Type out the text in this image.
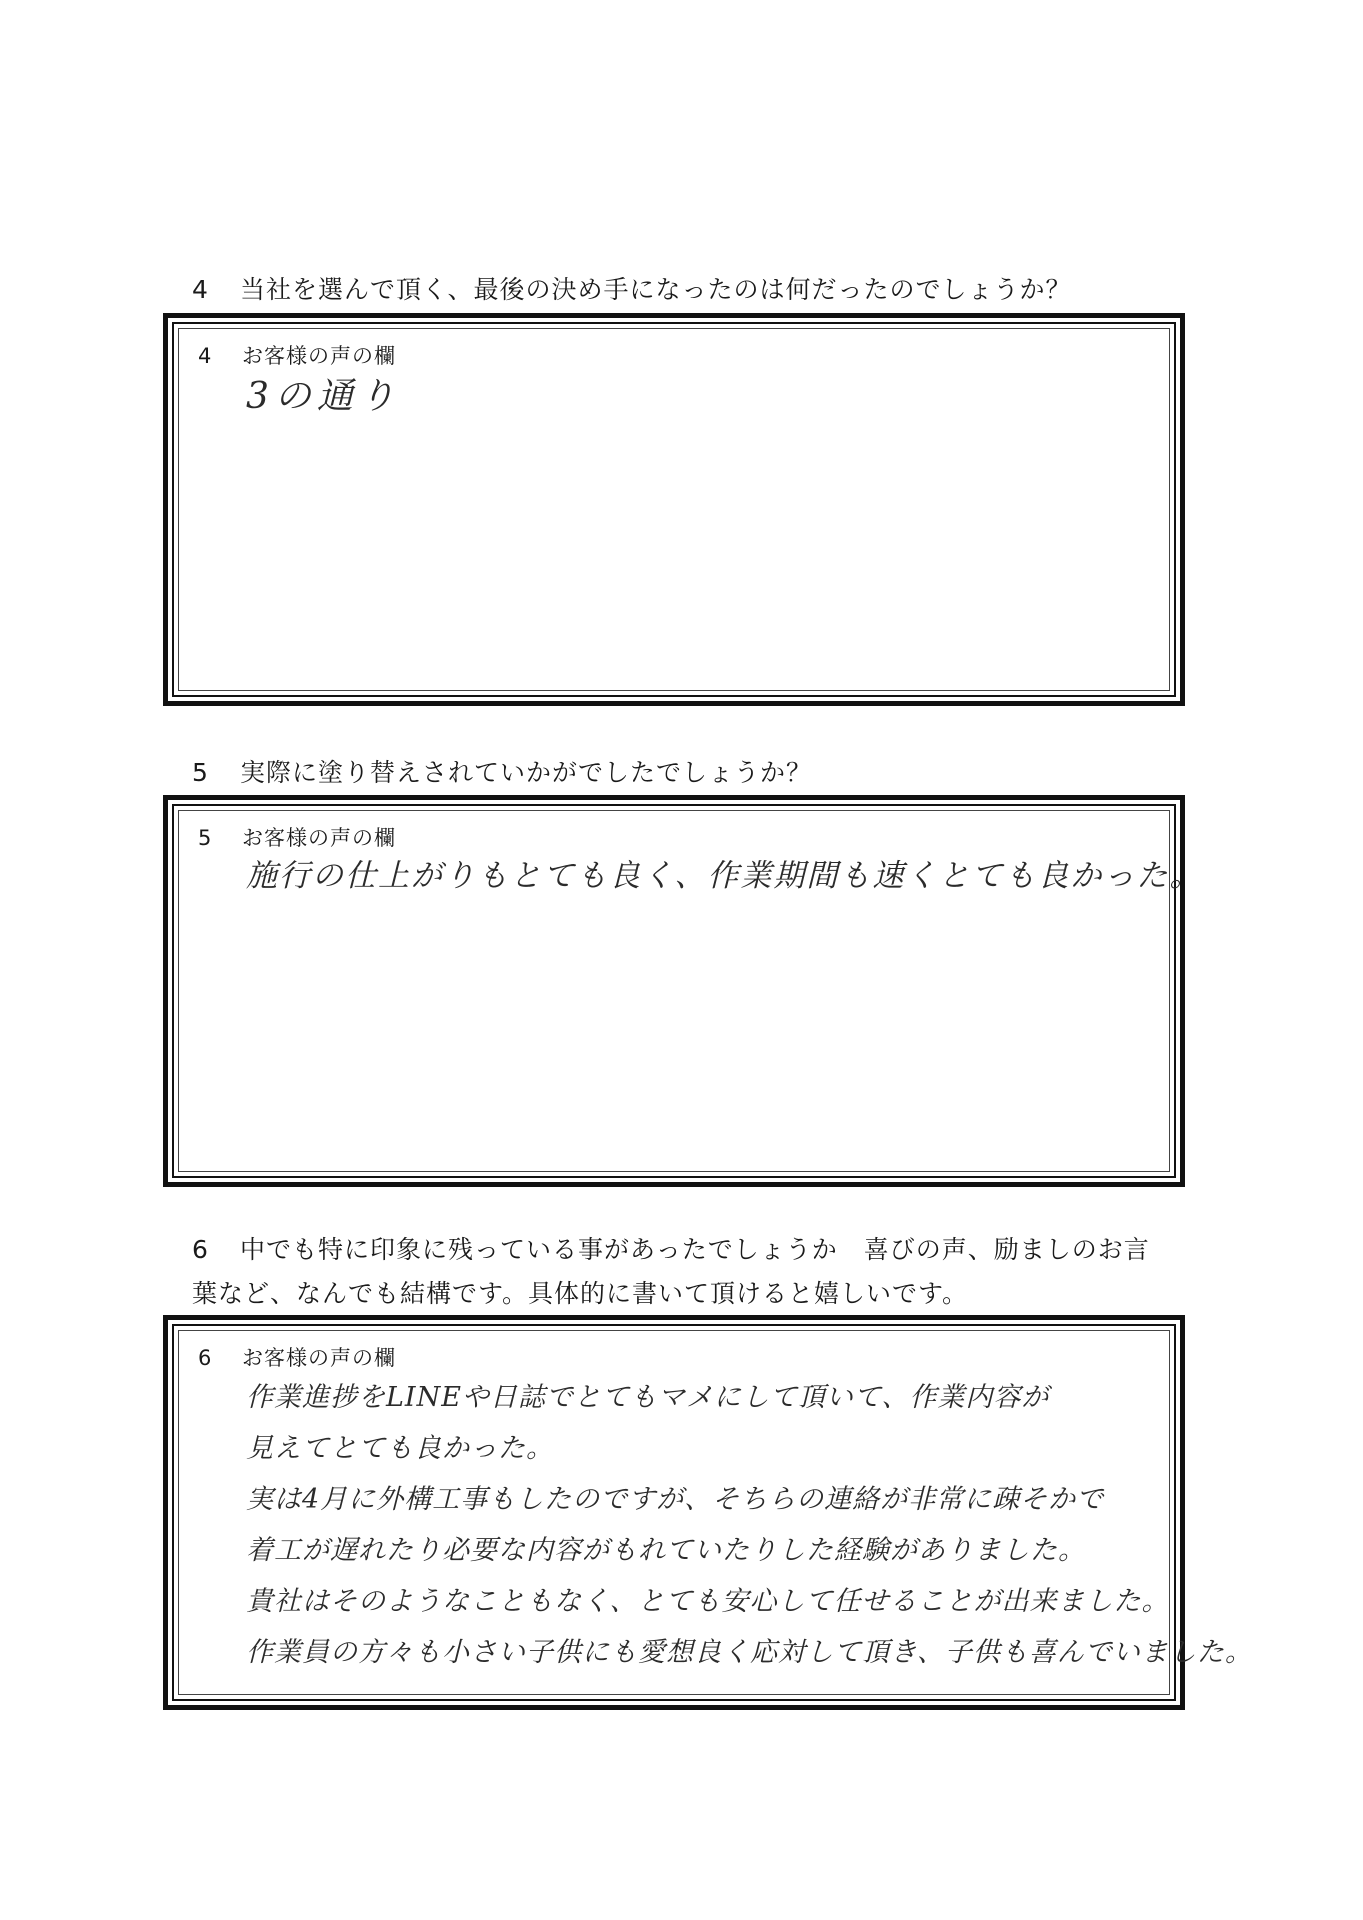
4 当社を選んで頂く、最後の決め手になったのは何だったのでしょうか？
4 お客様の声の欄
3の通り
5 実際に塗り替えされていかがでしたでしょうか？
5 お客様の声の欄
施行の仕上がりもとても良く、作業期間も速くとても良かった。
6 中でも特に印象に残っている事があったでしょうか　喜びの声、励ましのお言葉など、なんでも結構です。具体的に書いて頂けると嬉しいです。
6 お客様の声の欄
作業進捗をLINEや日誌でとてもマメにして頂いて、作業内容が
見えてとても良かった。
実は4月に外構工事もしたのですが、そちらの連絡が非常に疎そかで
着工が遅れたり必要な内容がもれていたりした経験がありました。
貴社はそのようなこともなく、とても安心して任せることが出来ました。
作業員の方々も小さい子供にも愛想良く応対して頂き、子供も喜んでいました。
